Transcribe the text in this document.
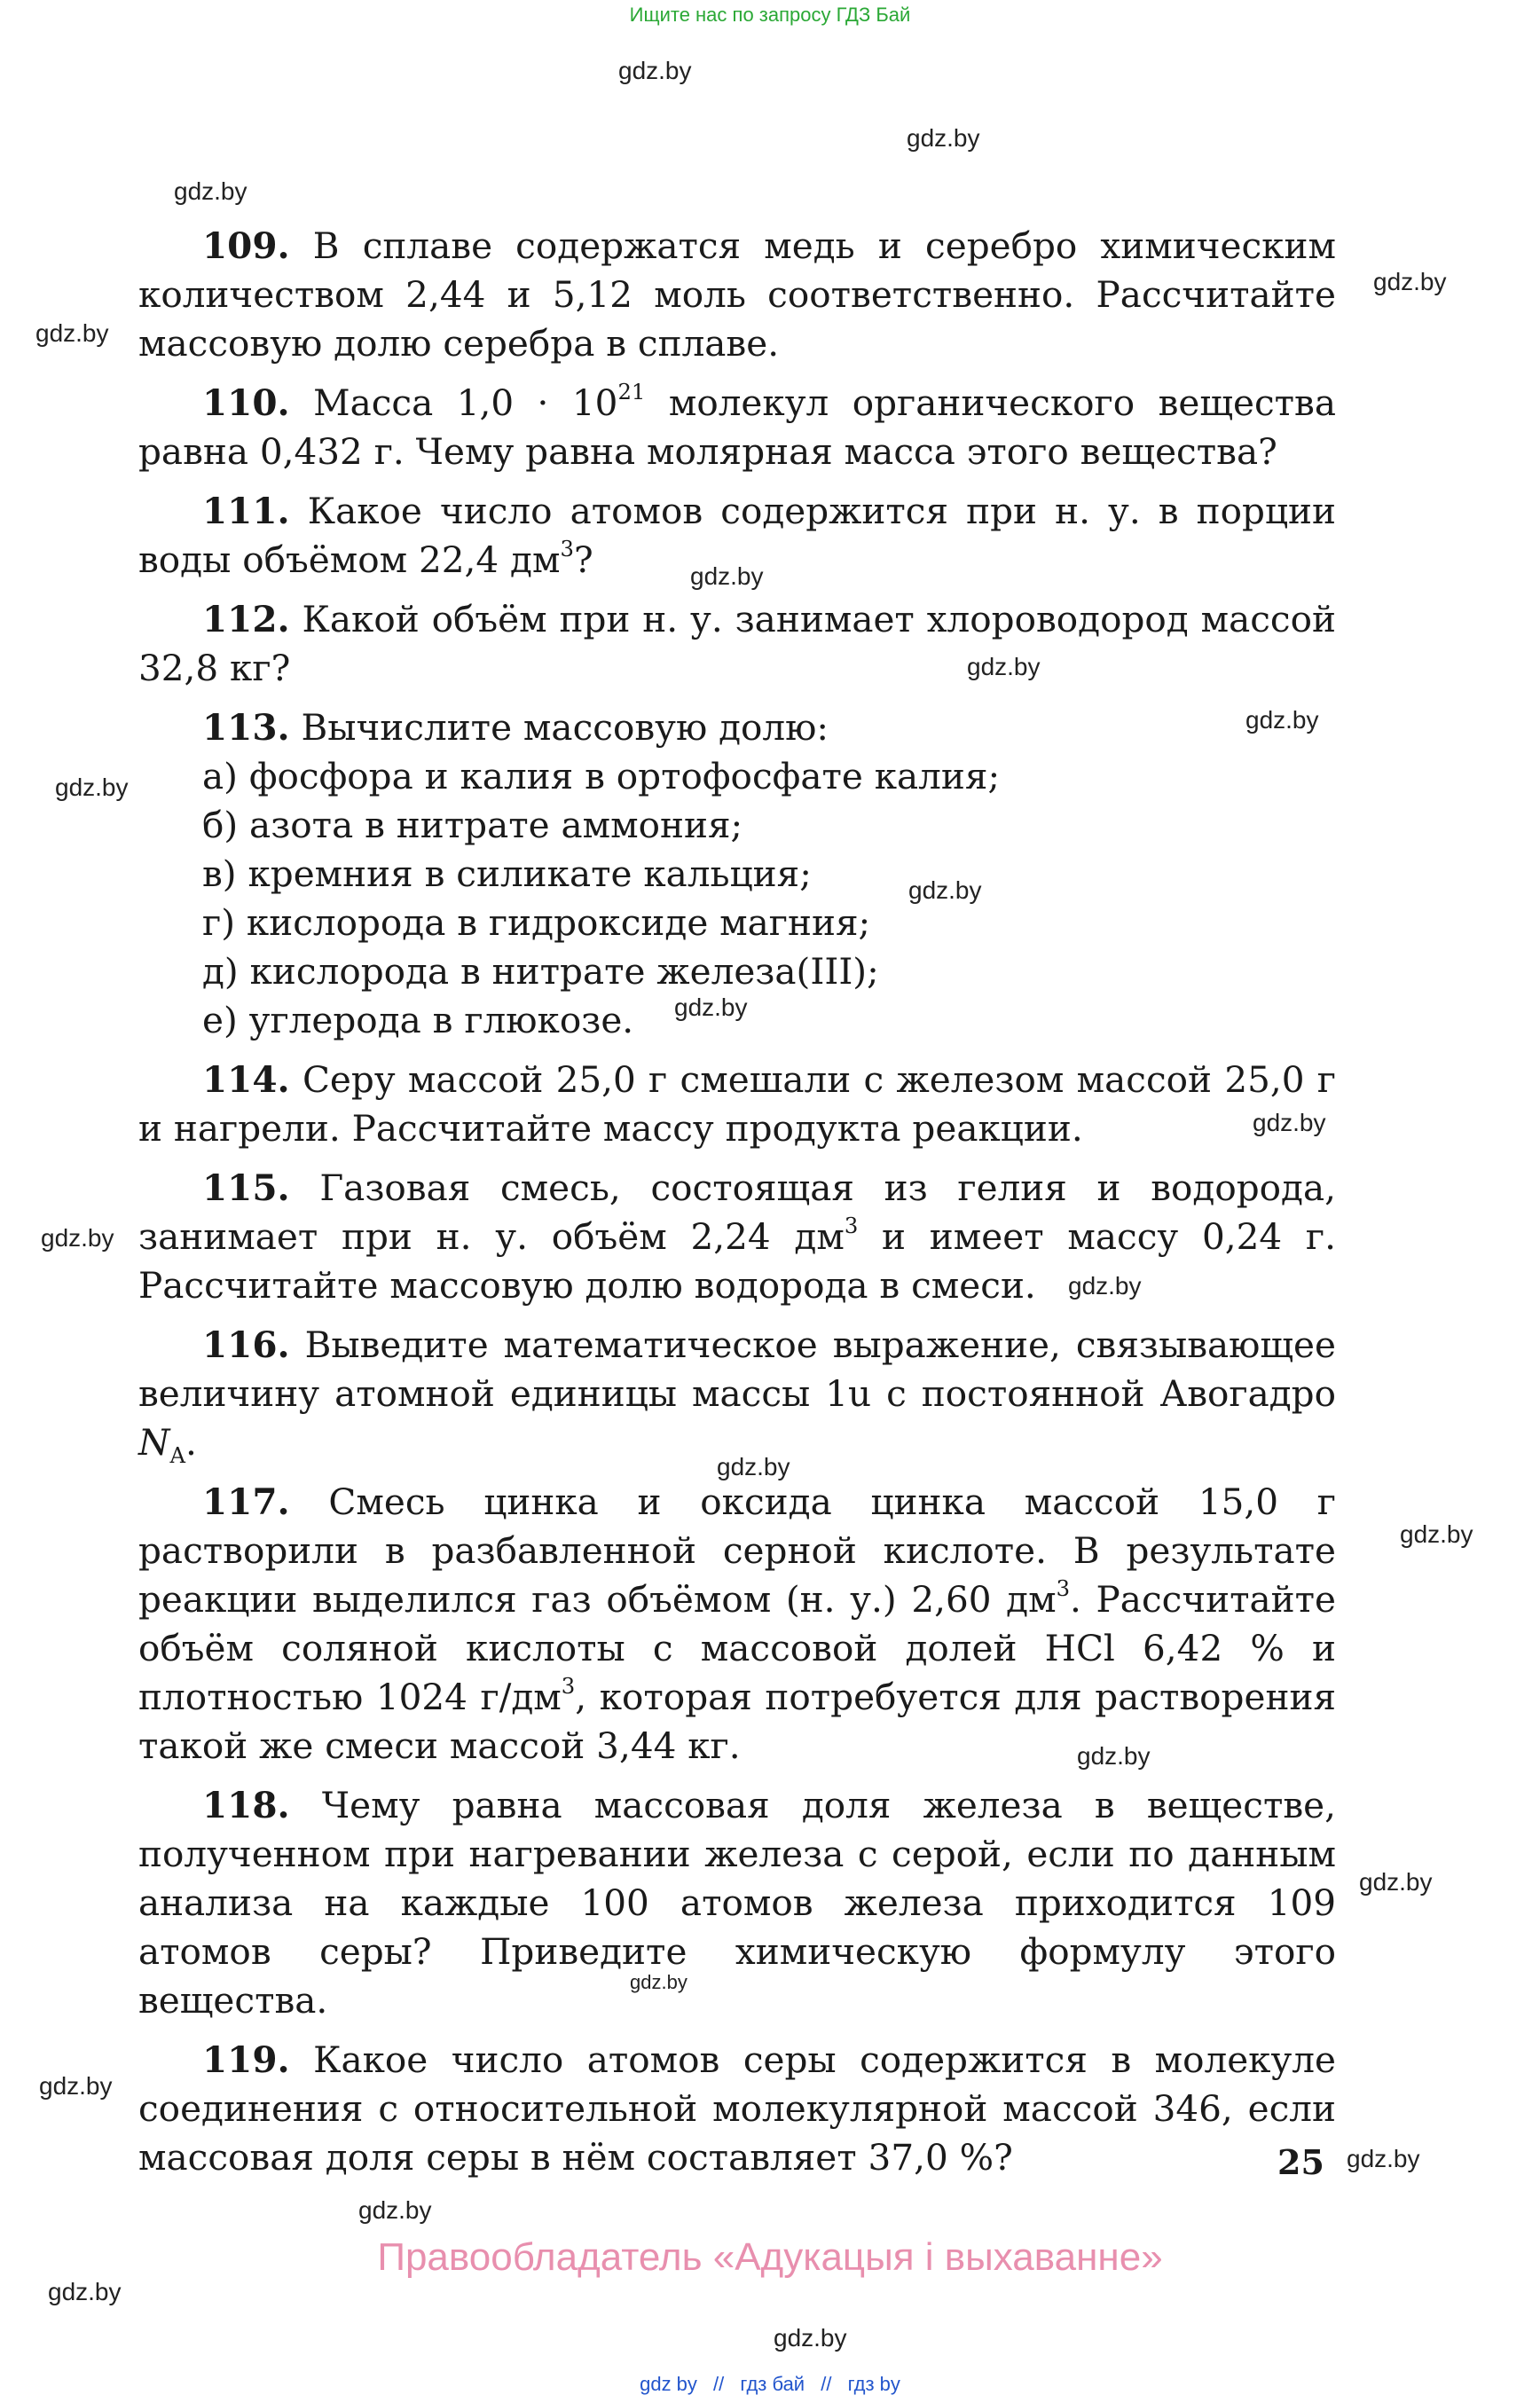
Ищите нас по запросу ГДЗ Бай
gdz.by
gdz.by
gdz.by
gdz.by
gdz.by
gdz.by
gdz.by
gdz.by
gdz.by
gdz.by
gdz.by
gdz.by
gdz.by
gdz.by
gdz.by
gdz.by
gdz.by
gdz.by
gdz.by
gdz.by
gdz.by
gdz.by
gdz.by
gdz.by

109. В сплаве содержатся медь и серебро химическим количеством 2,44 и 5,12 моль соответственно. Рассчитайте массовую долю серебра в сплаве.

110. Масса $1,0 \cdot 10^{21}$ молекул органического вещества равна 0,432 г. Чему равна молярная масса этого вещества?

111. Какое число атомов содержится при н. у. в порции воды объёмом 22,4 $дм^3$?

112. Какой объём при н. у. занимает хлороводород массой 32,8 кг?

113. Вычислите массовую долю:

а) фосфора и калия в ортофосфате калия;

б) азота в нитрате аммония;

в) кремния в силикате кальция;

г) кислорода в гидроксиде магния;

д) кислорода в нитрате железа(III);

е) углерода в глюкозе.

114. Серу массой 25,0 г смешали с железом массой 25,0 г и нагрели. Рассчитайте массу продукта реакции.

115. Газовая смесь, состоящая из гелия и водорода, занимает при н. у. объём 2,24 $дм^3$ и имеет массу 0,24 г. Рассчитайте массовую долю водорода в смеси.

116. Выведите математическое выражение, связывающее величину атомной единицы массы 1u с постоянной Авогадро $N_A$.

117. Смесь цинка и оксида цинка массой 15,0 г растворили в разбавленной серной кислоте. В результате реакции выделился газ объёмом (н. у.) 2,60 $дм^3$. Рассчитайте объём соляной кислоты с массовой долей HCl 6,42 % и плотностью 1024 $г/дм^3$, которая потребуется для растворения такой же смеси массой 3,44 кг.

118. Чему равна массовая доля железа в веществе, полученном при нагревании железа с серой, если по данным анализа на каждые 100 атомов железа приходится 109 атомов серы? Приведите химическую формулу этого вещества.

119. Какое число атомов серы содержится в молекуле соединения с относительной молекулярной массой 346, если массовая доля серы в нём составляет 37,0 %?	25
Правообладатель «Адукацыя і выхаванне»
gdz by // гдз бай // гдз by
